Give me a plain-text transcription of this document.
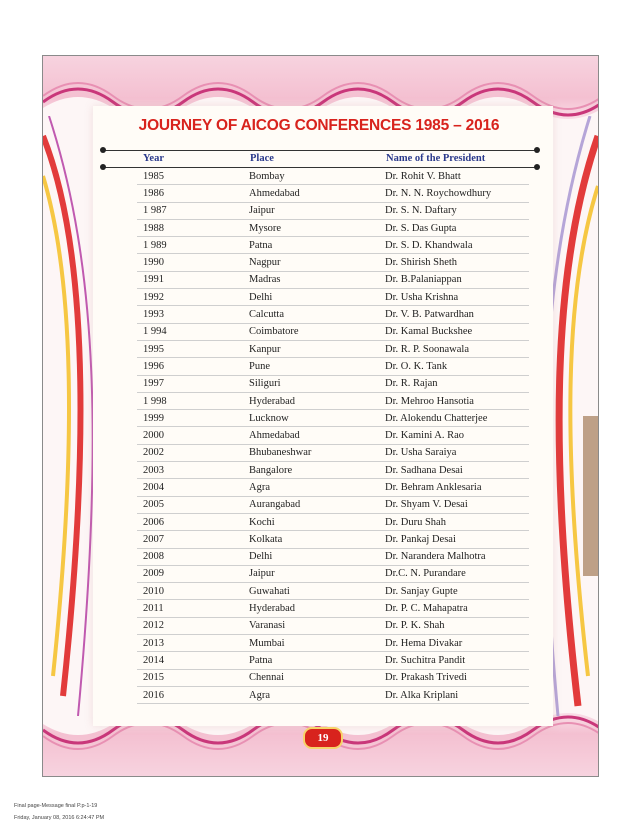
JOURNEY OF AICOG CONFERENCES 1985 – 2016
Year	Place	Name of the President
1985	Bombay	Dr. Rohit V. Bhatt
1986	Ahmedabad	Dr. N. N. Roychowdhury
1 987	Jaipur	Dr. S. N. Daftary
1988	Mysore	Dr. S. Das Gupta
1 989	Patna	Dr. S. D. Khandwala
1990	Nagpur	Dr. Shirish Sheth
1991	Madras	Dr. B.Palaniappan
1992	Delhi	Dr. Usha Krishna
1993	Calcutta	Dr. V. B. Patwardhan
1 994	Coimbatore	Dr. Kamal Buckshee
1995	Kanpur	Dr. R. P. Soonawala
1996	Pune	Dr. O. K. Tank
1997	Siliguri	Dr. R. Rajan
1 998	Hyderabad	Dr. Mehroo Hansotia
1999	Lucknow	Dr. Alokendu Chatterjee
2000	Ahmedabad	Dr. Kamini A. Rao
2002	Bhubaneshwar	Dr. Usha Saraiya
2003	Bangalore	Dr. Sadhana Desai
2004	Agra	Dr. Behram Anklesaria
2005	Aurangabad	Dr. Shyam V. Desai
2006	Kochi	Dr. Duru Shah
2007	Kolkata	Dr. Pankaj Desai
2008	Delhi	Dr. Narandera Malhotra
2009	Jaipur	Dr.C. N. Purandare
2010	Guwahati	Dr. Sanjay Gupte
2011	Hyderabad	Dr. P. C. Mahapatra
2012	Varanasi	Dr. P. K. Shah
2013	Mumbai	Dr. Hema Divakar
2014	Patna	Dr. Suchitra Pandit
2015	Chennai	Dr. Prakash Trivedi
2016	Agra	Dr. Alka Kriplani
19
Final page-Message final P.p-1-19
Friday, January 08, 2016 6:24:47 PM
